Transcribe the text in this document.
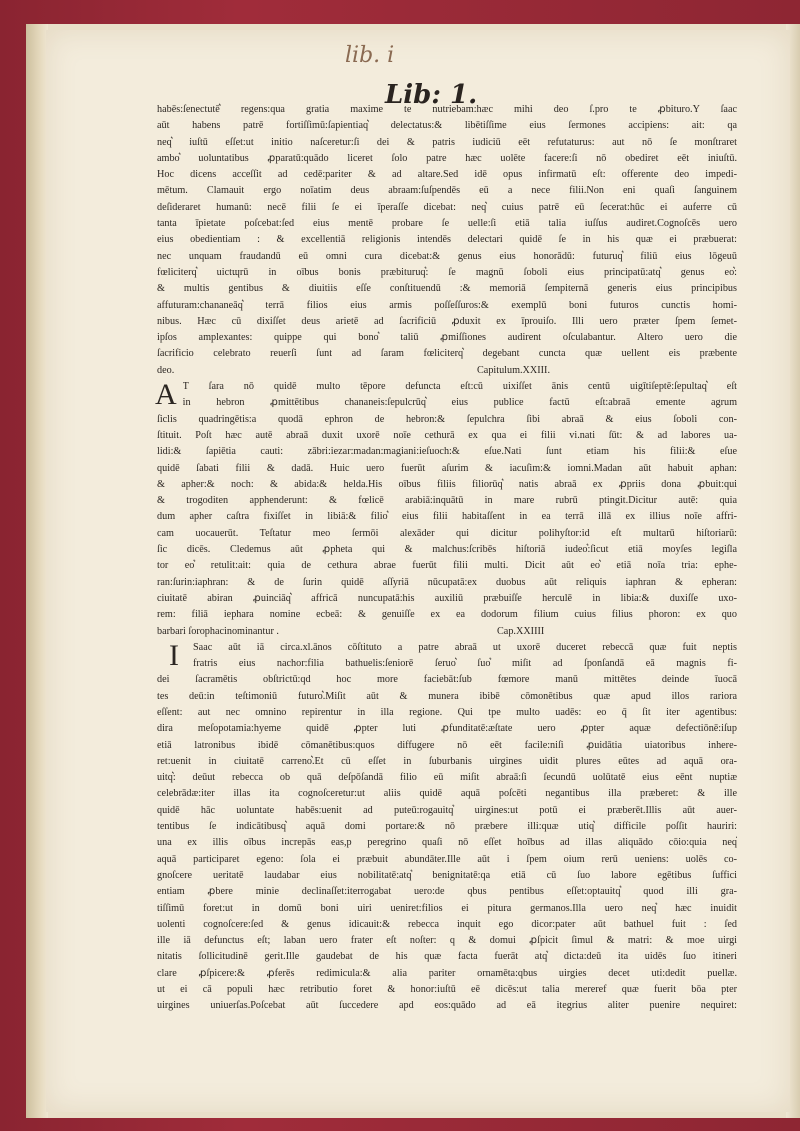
lib. i
Lib: 1.
habēs:ſenectutē͛ regens:qua gratia maxime te nutriebam:hæc mihi deo ſ.pro te ꝓbituro.Y ſaac
aūt habens patrē fortiſſimū:ſapientiaq͛ delectatus:& libētiſſime eius ſermones accipiens: ait: qa
neq͛ iuſtū eſſet:ut initio naſceretur:ſi dei & patris iudiciū eēt refutaturus: aut nō ſe monſtraret
ambo͛ uoluntatibus ꝓparatū:quādo liceret ſolo patre hæc uolēte facere:ſi nō obediret eēt iniuſtū.
Hoc dicens acceſſit ad cedē:pariter & ad altare.Sed idē opus infirmatū eſt: offerente deo impedi-
mētum. Clamauit ergo noīatim deus abraam:ſuſpendēs eū a nece filii.Non eni quaſi ſanguinem
deſideraret humanū: necē filii ſe ei īperaſſe dicebat: neq͛ cuius patrē eū ſecerat:hūc ei auferre cū
tanta īpietate poſcebat:ſed eius mentē probare ſe uelle:ſi etiā talia iuſſus audiret.Cognoſcēs uero
eius obedientiam : & excellentiā religionis intendēs delectari quidē ſe in his quæ ei præbuerat:
nec unquam fraudandū eū omni cura dicebat:& genus eius honorādū: futuruq͛ filiū eius lōgeuū
fœliciterq͛ uictɰrū in oībus bonis præbituruq͛: ſe magnū ſoboli eius principatū:atq͛ genus eo͛:
& multis gentibus & diuitiis eſſe conſtituendū :& memoriā ſempiternā generis eius principibus
affuturam:chananeāq͛ terrā filios eius armis poſſeſſuros:& exemplū boni futuros cunctis homi-
nibus. Hæc cū dixiſſet deus arietē ad ſacrificiū ꝓduxit ex īprouiſo. Illi uero præter ſpem ſemet-
ipſos amplexantes: quippe qui bono͛ taliū ꝓmiſſiones audirent oſculabantur. Altero uero die
ſacrificio celebrato reuerſi ſunt ad ſaram fœliciterq͛ degebant cuncta quæ uellent eis præbente
deo.	Capitulum.XXIII.
A T ſara nō quidē multo tēpore defuncta eſt:cū uixiſſet ānis centū uigītiſeptē:ſepultaq͛ eſt
in hebron ꝓmittētibus chananeis:ſepulcrūq͛ eius publice factū eſt:abraā emente agrum
ſiclis quadringētis:a quodā ephron de hebron:& ſepulchra ſibi abraā & eius ſoboli con-
ſtituit. Poſt hæc autē abraā duxit uxorē noīe cethurā ex qua ei filii vi.nati ſūt: & ad labores ua-
lidi:& ſapiētia cauti: zābri:iezar:madan:magiani:ieſuoch:& eſue.Nati ſunt etiam his filii:& eſue
quidē ſabati filii & dadā. Huic uero fuerūt aſurim & iacuſim:& iomni.Madan aūt habuit aphan:
& apher:& noch: & abida:& helda.His oībus filiis filiorūq͛ natis abraā ex ꝓpriis dona ꝓbuit:qui
& trogoditen apphenderunt: & fœlicē arabiā:inquātū in mare rubrū ptingit.Dicitur autē: quia
dum apher caſtra fixiſſet in libiā:& filio͛ eius filii habitaſſent in ea terrā illā ex illius noīe affri-
cam uocauerūt. Teſtatur meo ſermōi alexāder qui dicitur polihyſtor:id eſt multarū hiſtoriarū:
ſic dicēs. Cledemus aūt ꝓpheta qui & malchus:ſcribēs hiſtoriā iudeo͛:ſicut etiā moyſes legiſla
tor eo͛ retulit:ait: quia de cethura abrae fuerūt filii multi. Dicit aūt eo͛ etiā noīa tria: ephe-
ran:ſurin:iaphran: & de ſurin quidē aſſyriā nūcupatā:ex duobus aūt reliquis iaphran & epheran:
ciuitatē abiran ꝓuinciāq͛ affricā nuncupatā:his auxiliū præbuiſſe herculē in libia:& duxiſſe uxo-
rem: filiā iephara nomine ecbeā: & genuiſſe ex ea dodorum filium cuius filius phoron: ex quo
barbari ſorophacinominantur .	Cap.XXIIII
I Saac aūt iā circa.xl.ānos cōſtituto a patre abraā ut uxorē duceret rebeccā quæ fuit neptis
fratris eius nachor:filia bathuelis:ſeniorē ſeruo͛ ſuo͛ miſit ad ſponſandā eā magnis fi-
dei ſacramētis obſtrictū:qd hoc more faciebāt:ſub fœmore manū mittētes deinde īuocā
tes deū:in teſtimoniū futuro͛.Miſit aūt & munera ibibē cōmonētibus quæ apud illos rariora
eſſent: aut nec omnino repirentur in illa regione. Qui tpe multo uadēs: eo q̄ ſit iter agentibus:
dira meſopotamia:hyeme quidē ꝓpter luti ꝓfunditatē:æſtate uero ꝓpter aquæ defectiōnē:iſup
etiā latronibus ibidē cōmanētibus:quos diffugere nō eēt facile:niſi ꝓuidātia uiatoribus inhere-
ret:uenit in ciuitatē carreno͛.Et cū eſſet in ſuburbanis uirgines uidit plures eūtes ad aquā ora-
uitq͛: deūut rebecca ob quā deſpōſandā filio eū miſit abraā:ſi ſecundū uolūtatē eius eēnt nuptiæ
celebrādæ:iter illas ita cognoſceretur:ut aliis quidē aquā poſcēti negantibus illa præberet: & ille
quidē hāc uoluntate habēs:uenit ad puteū:rogauitq͛ uirgines:ut potū ei præberēt.Illis aūt auer-
tentibus ſe indicātibusq͛ aquā domi portare:& nō præbere illi:quæ utiq͛ difficile poſſit hauriri:
una ex illis oībus increpās eas,p peregrino quaſi nō eſſet hoībus ad illas aliquādo cōio:quia neq͛
aquā participaret egeno: ſola ei præbuit abundāter.Ille aūt i ſpem oium rerū ueniens: uolēs co-
gnoſcere ueritatē laudabar eius nobilitatē:atq͛ benignitatē:qa etiā cū ſuo labore egētibus ſuffici
entiam ꝓbere minie declinaſſet:iterrogabat uero:de qbus pentibus eſſet:optauitq͛ quod illi gra-
tiſſimū foret:ut in domū boni uiri ueniret:filios ei pitura germanos.Illa uero neq͛ hæc inuidit
uolenti cognoſcere:ſed & genus idicauit:& rebecca inquit ego dicor:pater aūt bathuel fuit : ſed
ille iā defunctus eſt; laban uero frater eſt noſter: q & domui ꝓſpicit ſimul & matri: & moe uirgi
nitatis ſollicitudinē gerit.Ille gaudebat de his quæ facta fuerāt atq͛ dicta:deū ita uidēs ſuo itineri
clare ꝓſpicere:& ꝓferēs redimicula:& alia pariter ornamēta:qbus uirgies decet uti:dedit puellæ.
ut ei cā populi hæc retributio foret & honor:iuſtū eē dicēs:ut talia mereref quæ fuerit bōa pter
uirgines uniuerſas.Poſcebat aūt ſuccedere apd eos:quādo ad eā itegrius aliter puenire nequiret:
